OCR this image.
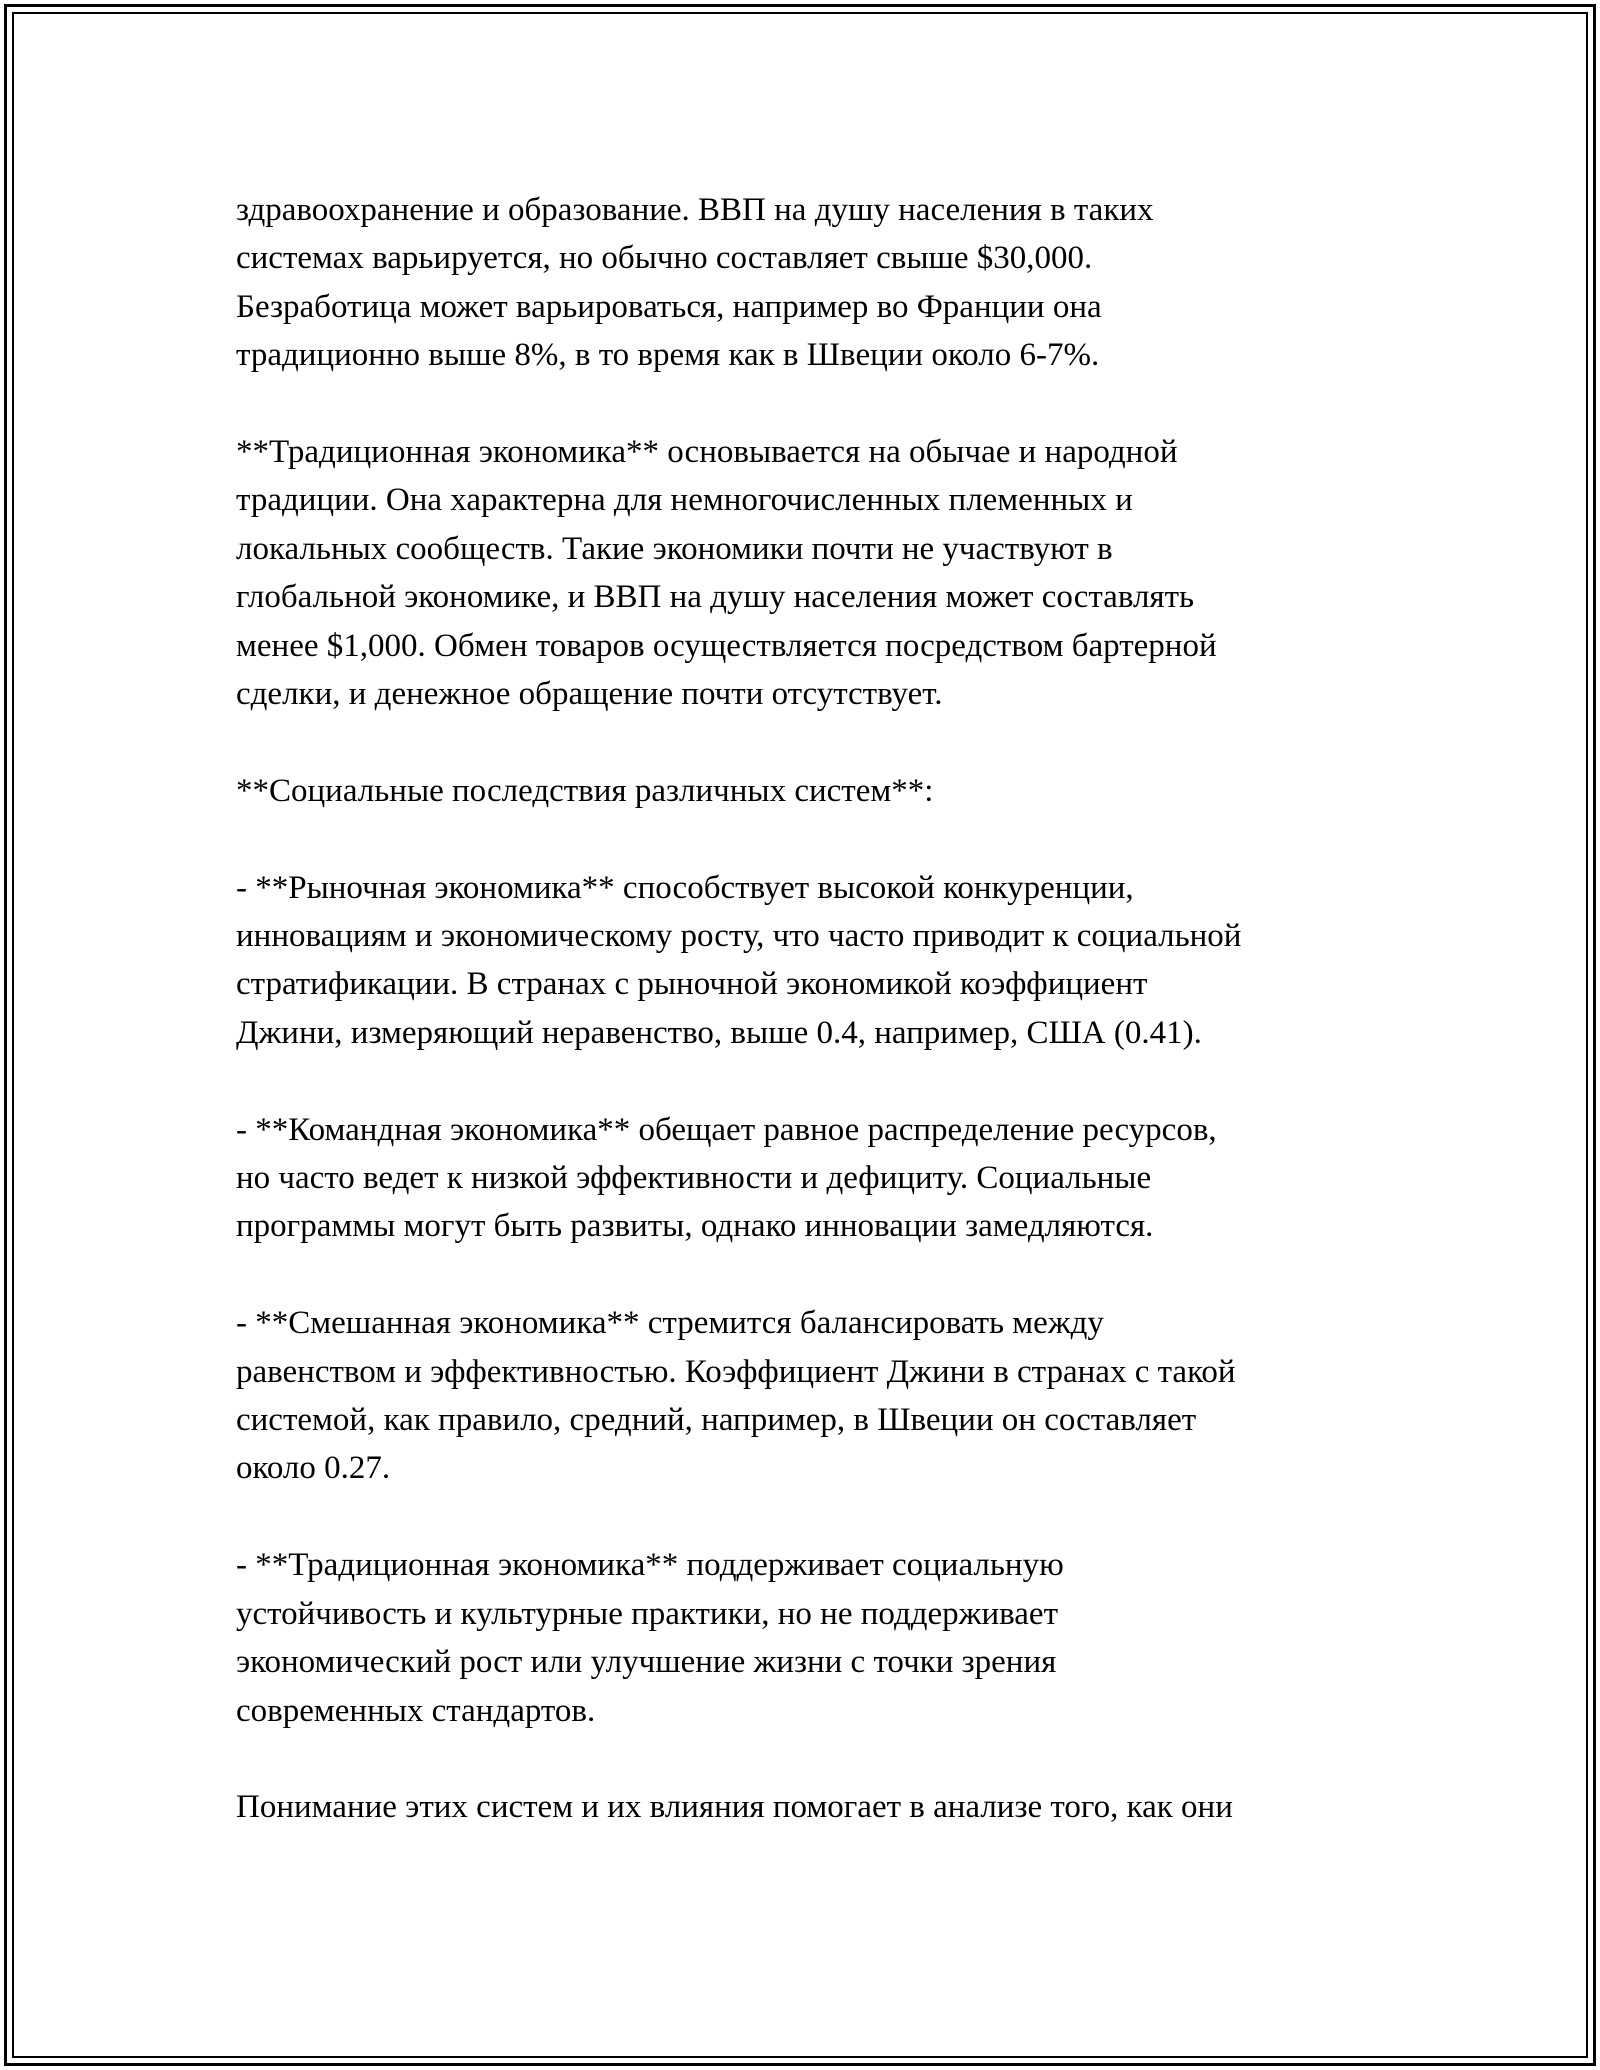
здравоохранение и образование. ВВП на душу населения в таких
системах варьируется, но обычно составляет свыше $30,000.
Безработица может варьироваться, например во Франции она
традиционно выше 8%, в то время как в Швеции около 6-7%.

**Традиционная экономика** основывается на обычае и народной
традиции. Она характерна для немногочисленных племенных и
локальных сообществ. Такие экономики почти не участвуют в
глобальной экономике, и ВВП на душу населения может составлять
менее $1,000. Обмен товаров осуществляется посредством бартерной
сделки, и денежное обращение почти отсутствует.

**Социальные последствия различных систем**:

- **Рыночная экономика** способствует высокой конкуренции,
инновациям и экономическому росту, что часто приводит к социальной
стратификации. В странах с рыночной экономикой коэффициент
Джини, измеряющий неравенство, выше 0.4, например, США (0.41).

- **Командная экономика** обещает равное распределение ресурсов,
но часто ведет к низкой эффективности и дефициту. Социальные
программы могут быть развиты, однако инновации замедляются.

- **Смешанная экономика** стремится балансировать между
равенством и эффективностью. Коэффициент Джини в странах с такой
системой, как правило, средний, например, в Швеции он составляет
около 0.27.

- **Традиционная экономика** поддерживает социальную
устойчивость и культурные практики, но не поддерживает
экономический рост или улучшение жизни с точки зрения
современных стандартов.

Понимание этих систем и их влияния помогает в анализе того, как они
